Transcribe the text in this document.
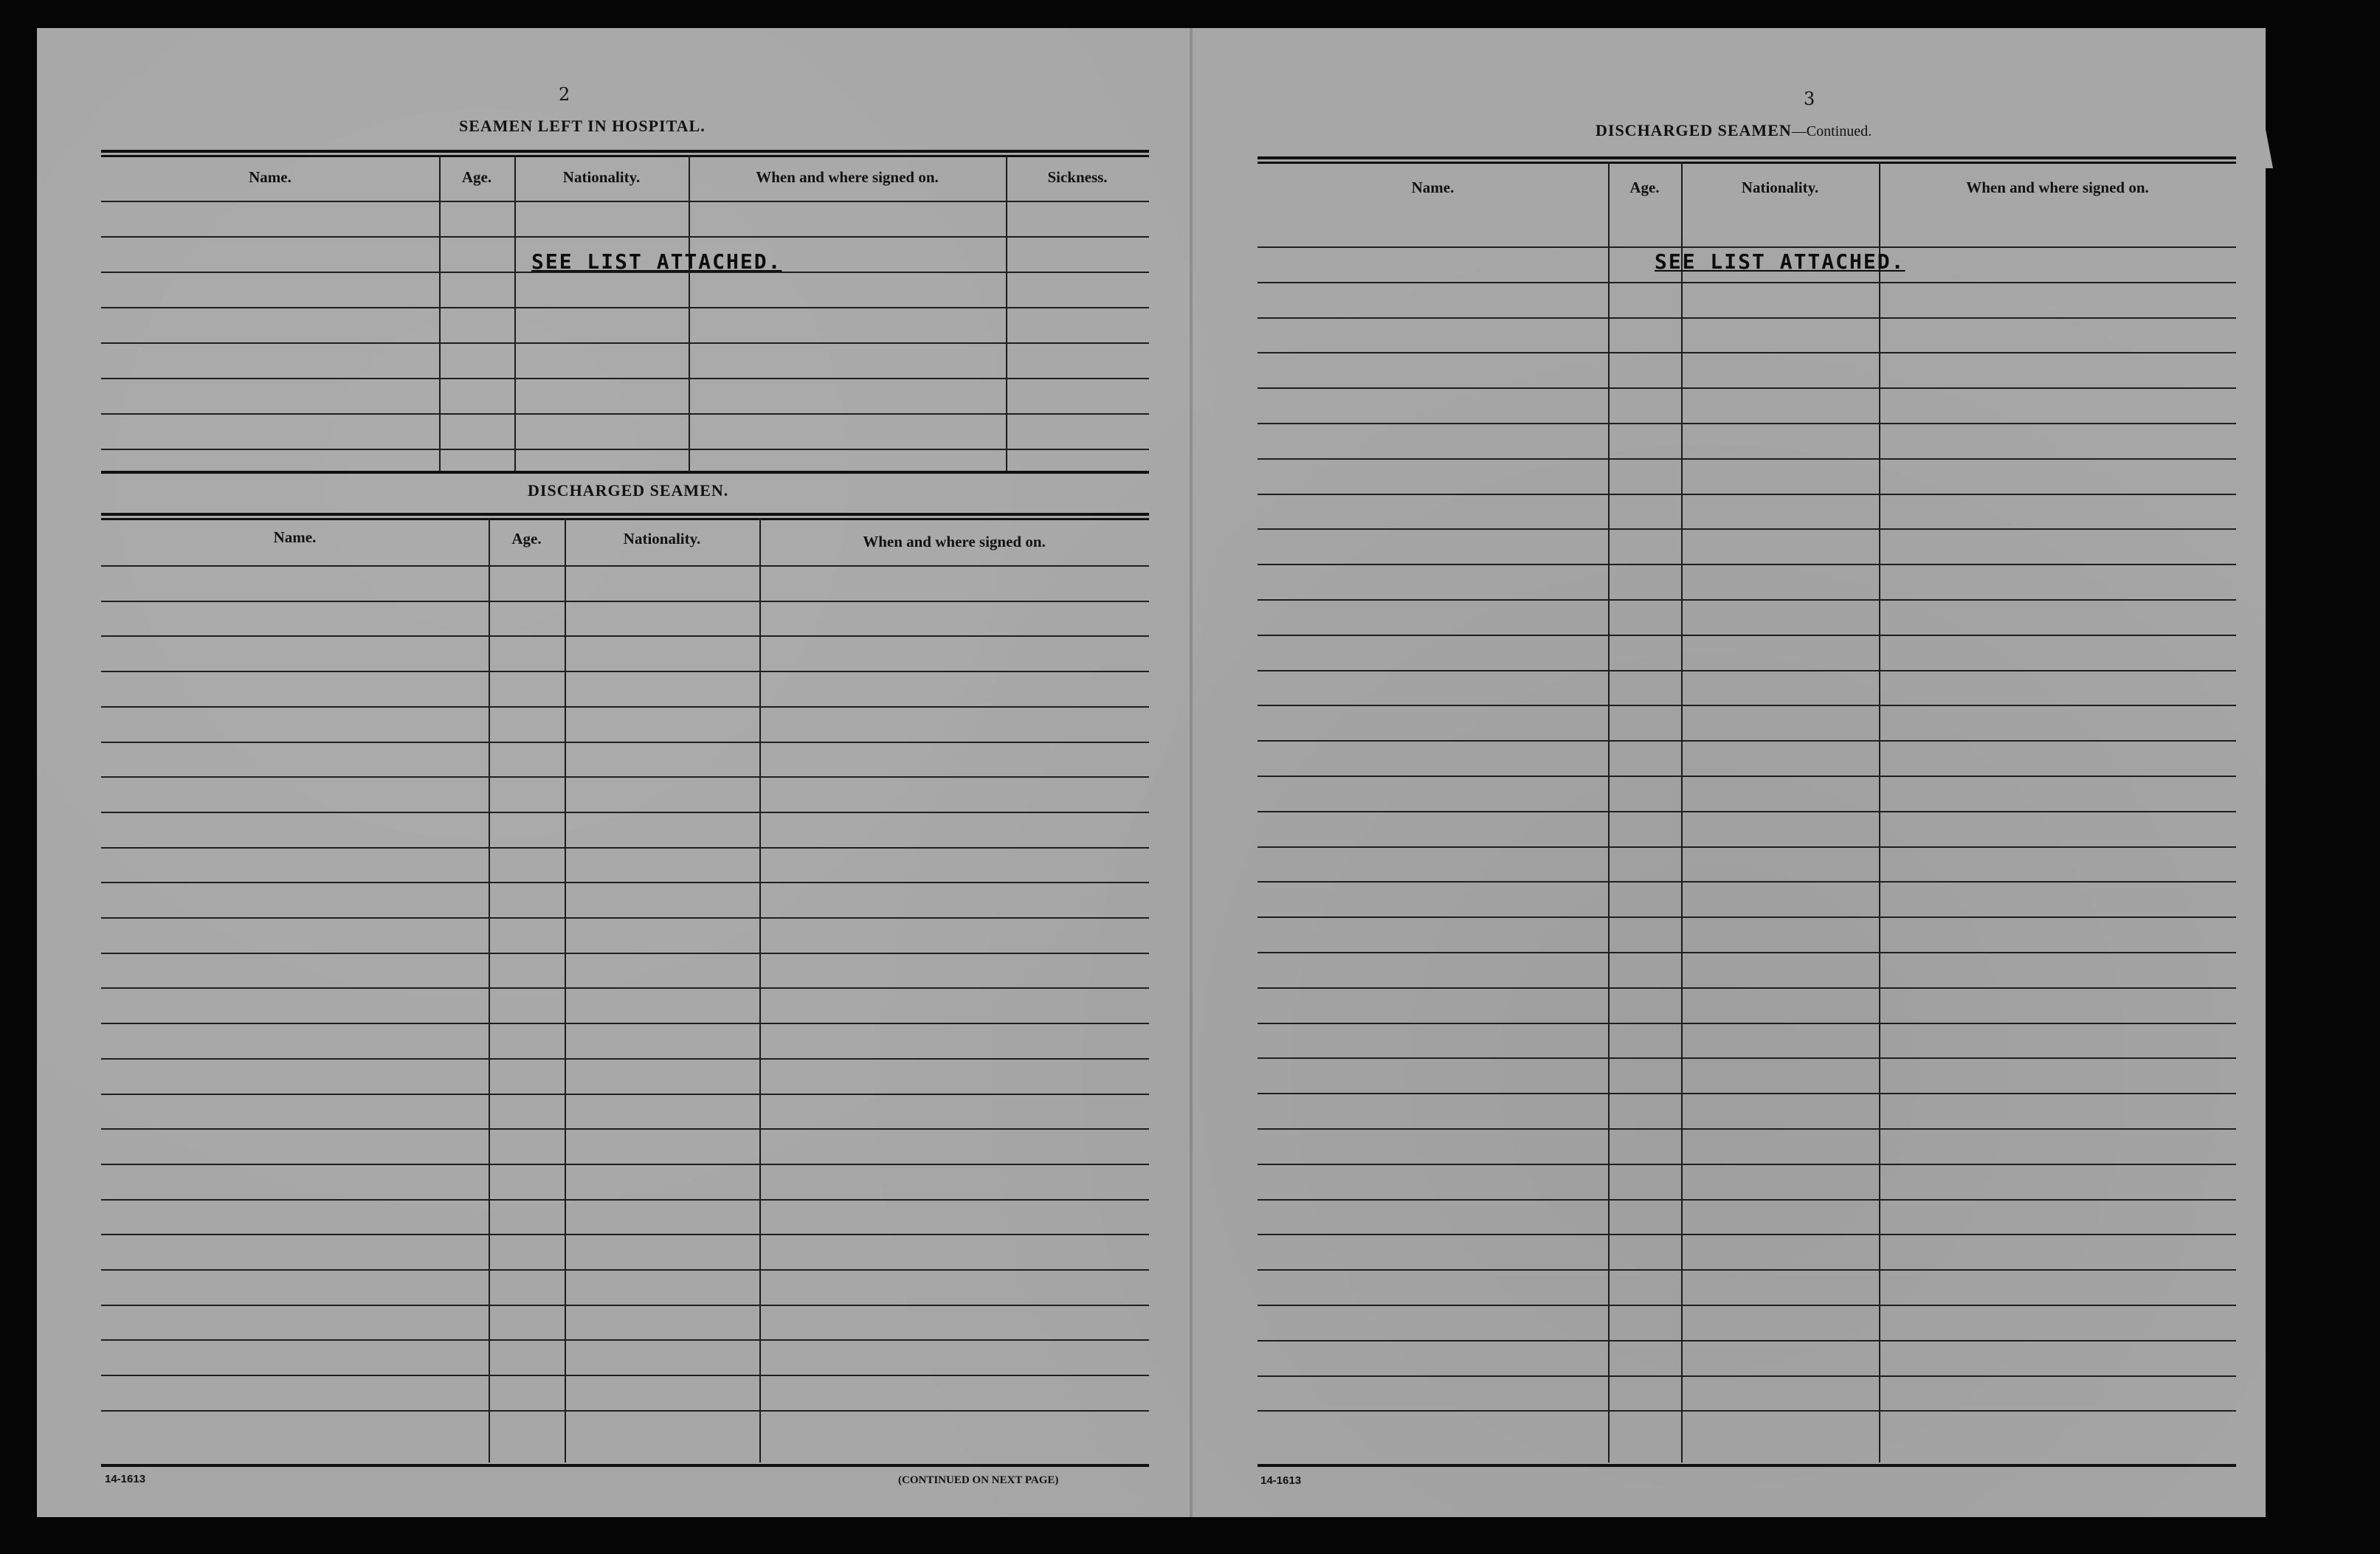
2
SEAMEN LEFT IN HOSPITAL.
Name.	Age.	Nationality.	When and where signed on.	Sickness.
SEE LIST ATTACHED.
DISCHARGED SEAMEN.
Name.	Age.	Nationality.	When and where signed on.
14-1613	(CONTINUED ON NEXT PAGE)
3
DISCHARGED SEAMEN—Continued.
Name.	Age.	Nationality.	When and where signed on.
SEE LIST ATTACHED.
14-1613
